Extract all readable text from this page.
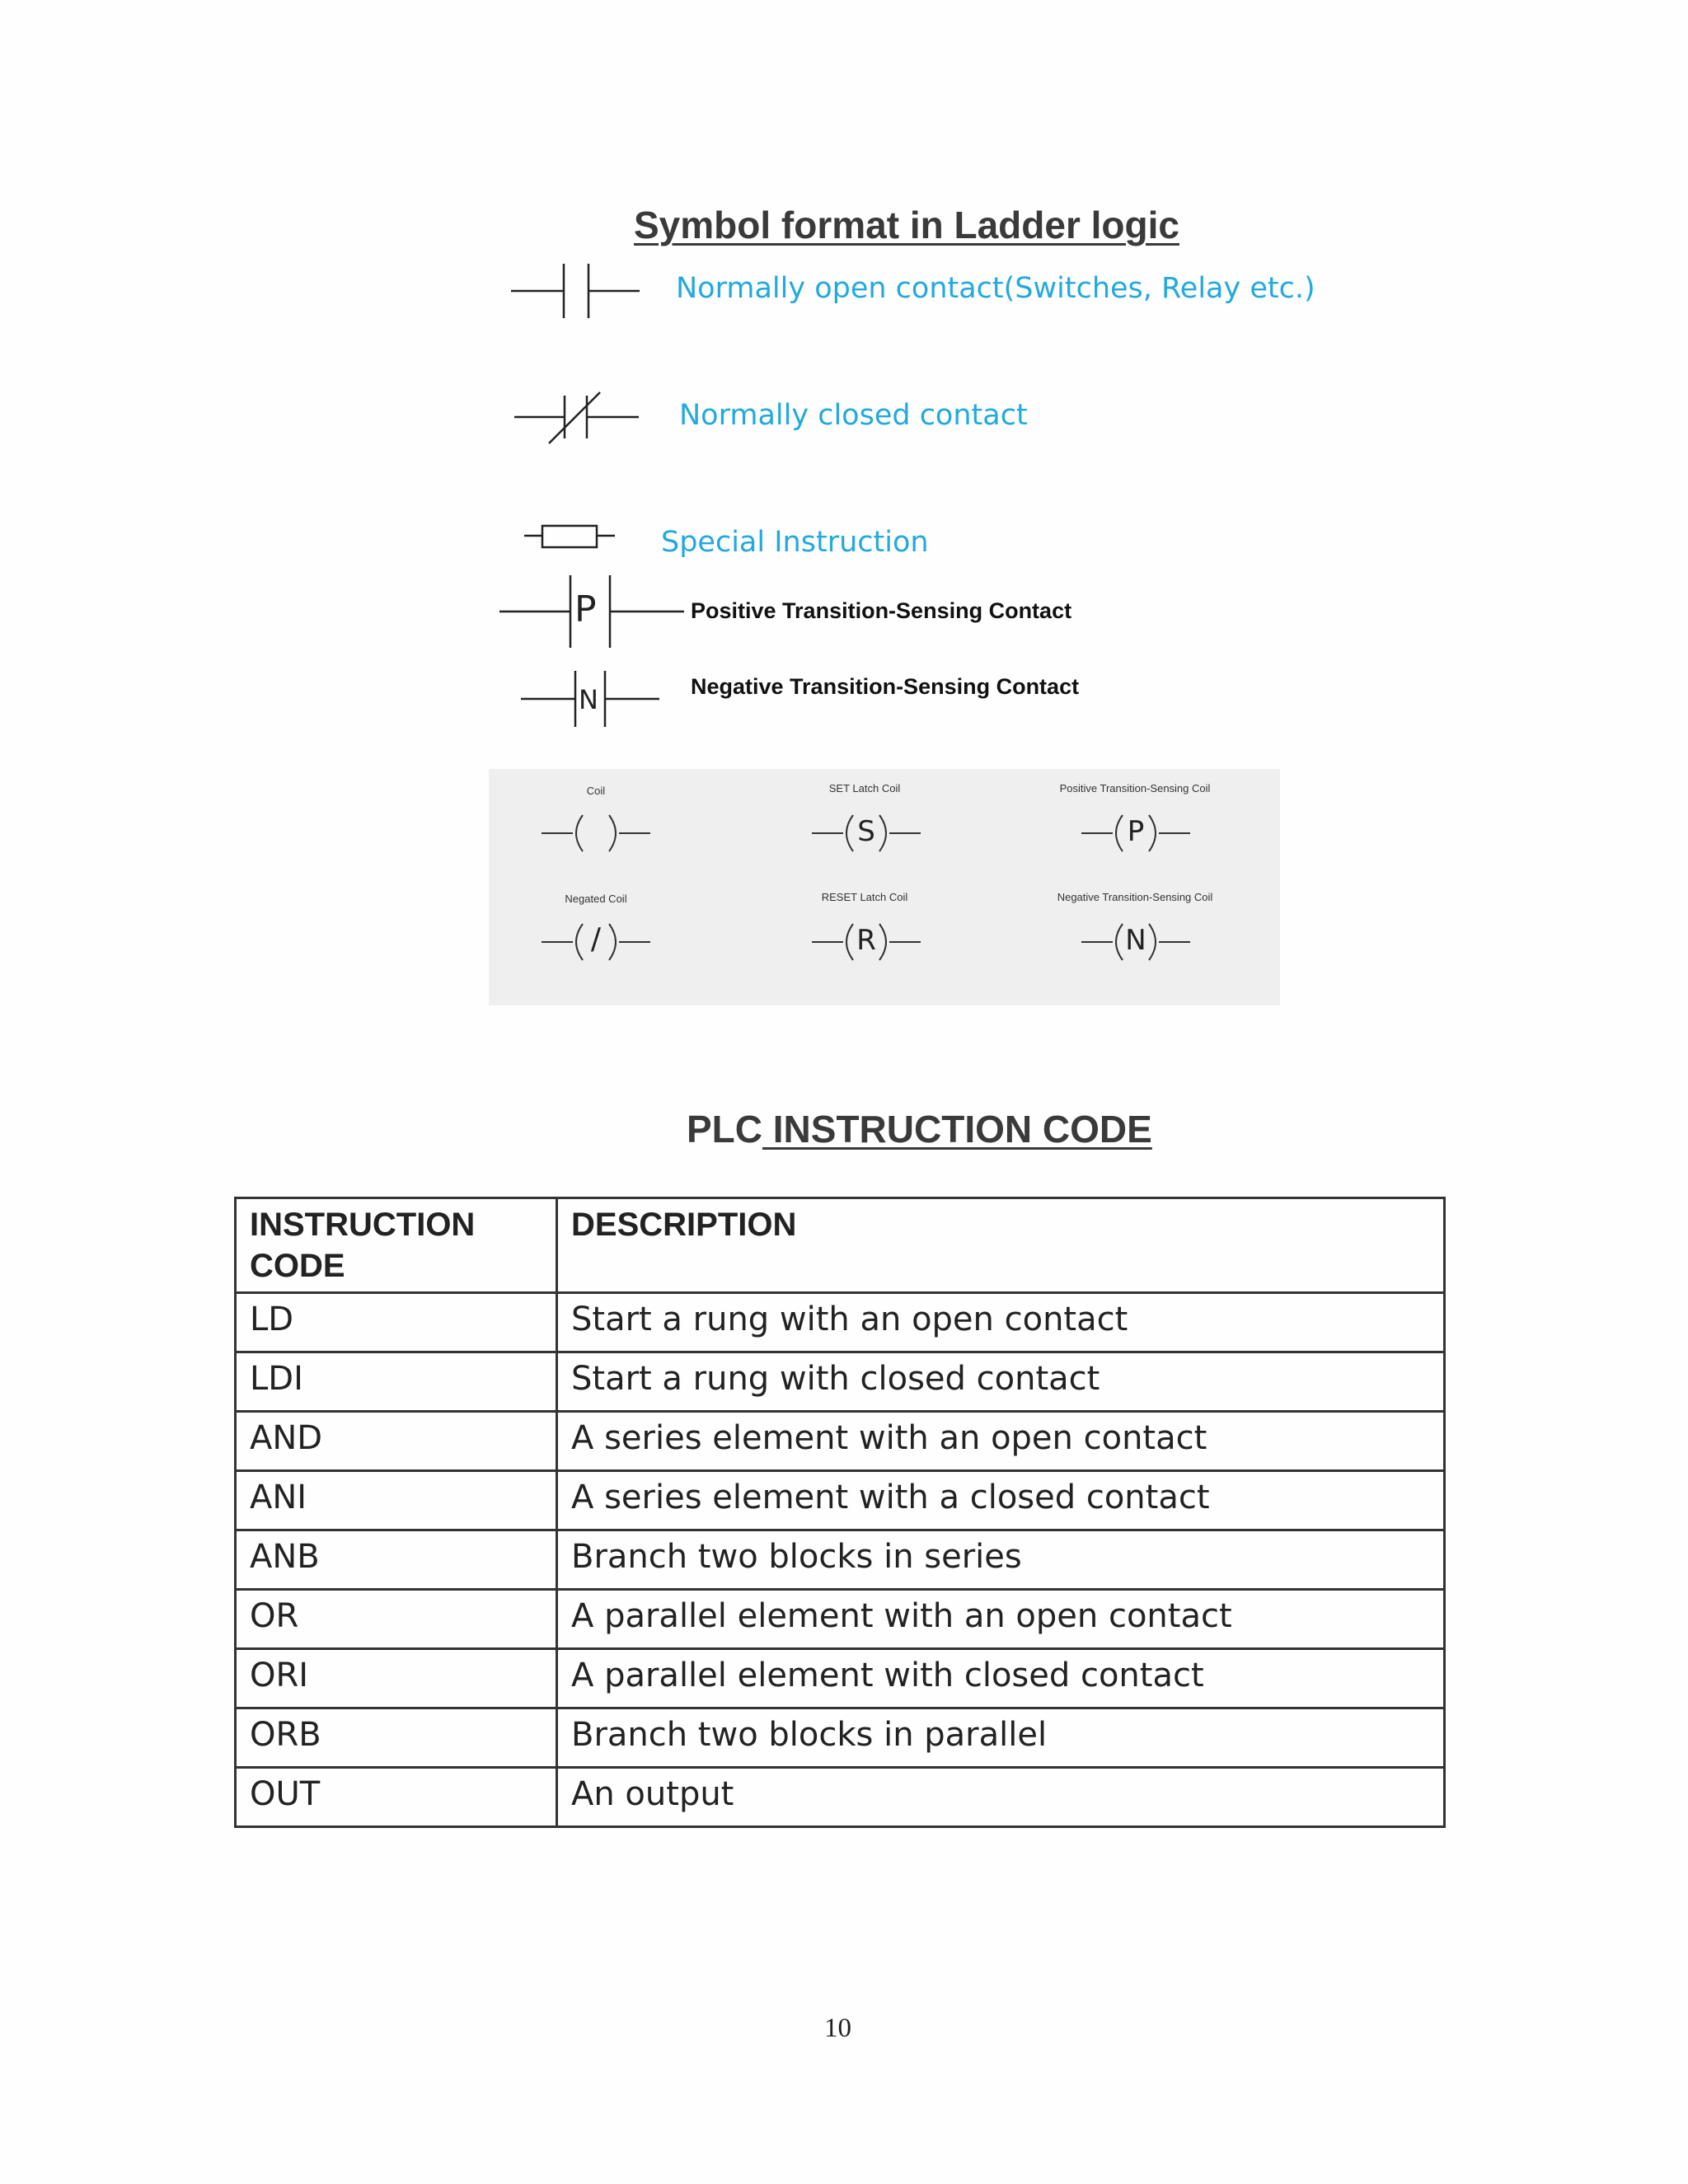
Symbol format in Ladder logic
Normally open contact(Switches, Relay etc.)
Normally closed contact
Special Instruction
P	Positive Transition-Sensing Contact
N	Negative Transition-Sensing Contact
Coil	SET Latch Coil
S
Positive Transition-Sensing Coil
P
Negated Coil
/
RESET Latch Coil
R
Negative Transition-Sensing Coil
N
PLC INSTRUCTION CODE
INSTRUCTION CODE	DESCRIPTION
LD	Start a rung with an open contact
LDI	Start a rung with closed contact
AND	A series element with an open contact
ANI	A series element with a closed contact
ANB	Branch two blocks in series
OR	A parallel element with an open contact
ORI	A parallel element with closed contact
ORB	Branch two blocks in parallel
OUT	An output
10
